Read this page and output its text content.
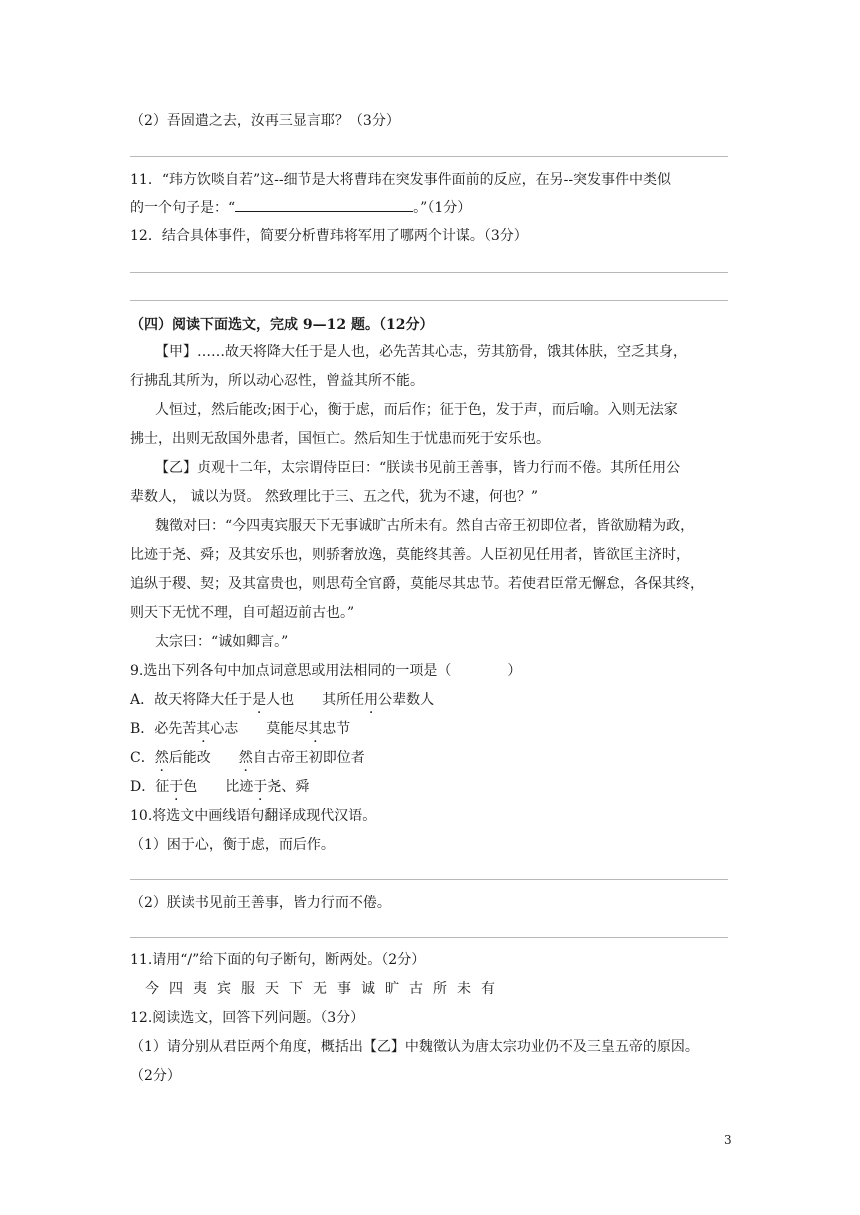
（2）吾固遣之去，汝再三显言耶？（3分）
11．“玮方饮啖自若”这--细节是大将曹玮在突发事件面前的反应，在另--突发事件中类似
的一个句子是：“	。”（1分）
12．结合具体事件，简要分析曹玮将军用了哪两个计谋。（3分）
（四）阅读下面选文，完成 9—12 题。（12分）
【甲】……故天将降大任于是人也，必先苦其心志，劳其筋骨，饿其体肤，空乏其身，
行拂乱其所为，所以动心忍性，曾益其所不能。
人恒过，然后能改;困于心，衡于虑，而后作；征于色，发于声，而后喻。入则无法家
拂士，出则无敌国外患者，国恒亡。然后知生于忧患而死于安乐也。
【乙】贞观十二年，太宗谓侍臣曰：“朕读书见前王善事，皆力行而不倦。其所任用公
辈数人， 诚以为贤。 然致理比于三、五之代，犹为不逮，何也？”
魏徵对曰：“今四夷宾服天下无事诚旷古所未有。然自古帝王初即位者，皆欲励精为政，
比迹于尧、舜；及其安乐也，则骄奢放逸，莫能终其善。人臣初见任用者，皆欲匡主济时，
追纵于稷、契；及其富贵也，则思苟全官爵，莫能尽其忠节。若使君臣常无懈怠，各保其终，
则天下无忧不理，自可超迈前古也。”
太宗曰：“诚如卿言。”
9.选出下列各句中加点词意思或用法相同的一项是（　　　　）
A．故天将降大任于是人也　　其所任用公辈数人
B．必先苦其心志　　莫能尽其忠节
C．然后能改　　然自古帝王初即位者
D．征于色　　比迹于尧、舜
10.将选文中画线语句翻译成现代汉语。
（1）困于心，衡于虑，而后作。
（2）朕读书见前王善事，皆力行而不倦。
11.请用“/”给下面的句子断句，断两处。（2分）
今四夷宾服天下无事诚旷古所未有
12.阅读选文，回答下列问题。（3分）
（1）请分别从君臣两个角度，概括出【乙】中魏徵认为唐太宗功业仍不及三皇五帝的原因。
（2分）
3
